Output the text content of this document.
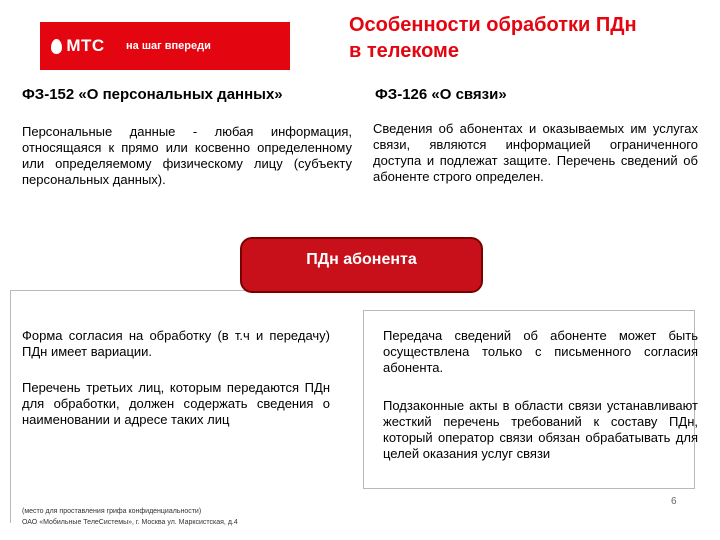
МТС на шаг впереди
Особенности обработки ПДн
в телекоме
ФЗ-152 «О персональных данных»	ФЗ-126 «О связи»
Персональные данные - любая информация, относящаяся к прямо или косвенно определенному или определяемому физическому лицу (субъекту персональных данных).
Сведения об абонентах и оказываемых им услугах связи, являются информацией ограниченного доступа и подлежат защите. Перечень сведений об абоненте строго определен.
ПДн абонента
Форма согласия на обработку (в т.ч и передачу) ПДн имеет вариации.
Перечень третьих лиц, которым передаются ПДн для обработки, должен содержать сведения о наименовании и адресе таких лиц
Передача сведений об абоненте может быть осуществлена только с письменного согласия абонента.
Подзаконные акты в области связи устанавливают жесткий перечень требований к составу ПДн, который оператор связи обязан обрабатывать для целей оказания услуг связи
(место для проставления грифа конфиденциальности)
ОАО «Мобильные ТелеСистемы», г. Москва ул. Марксистская, д.4
6
